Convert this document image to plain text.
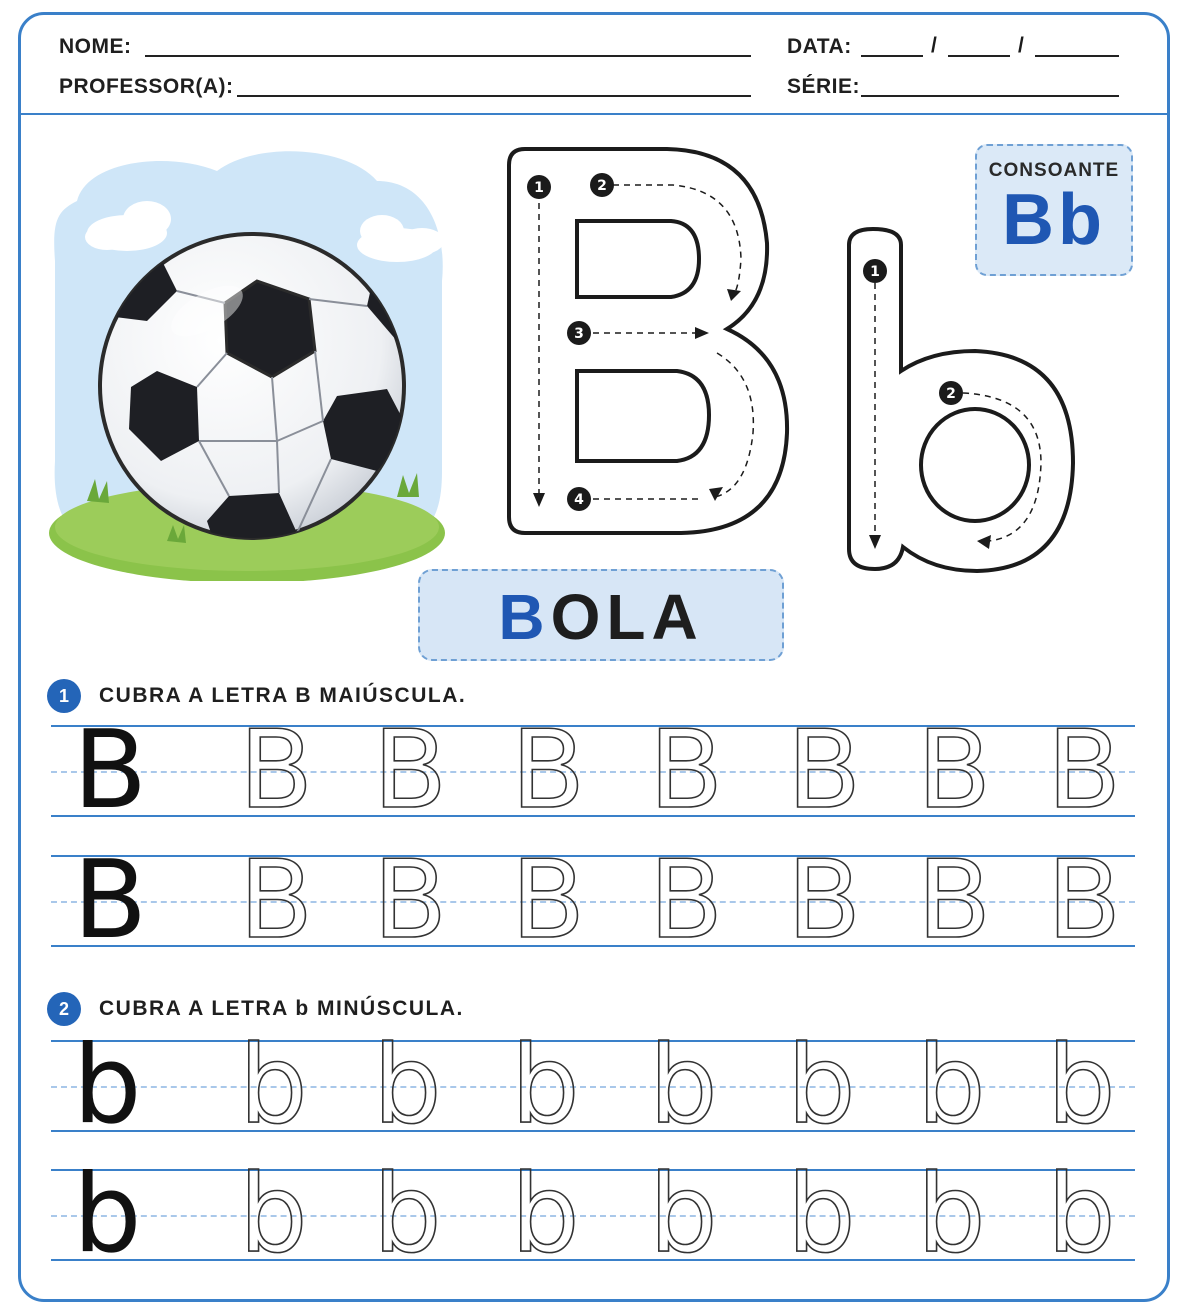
NOME:
PROFESSOR(A):
DATA:	/	/
SÉRIE:
1	2
3
4
1
2
CONSOANTE
Bb
BOLA
1	CUBRA A LETRA B MAIÚSCULA.
B B B B B B B B
B B B B B B B B
2	CUBRA A LETRA b MINÚSCULA.
b b b b b b b b
b b b b b b b b
